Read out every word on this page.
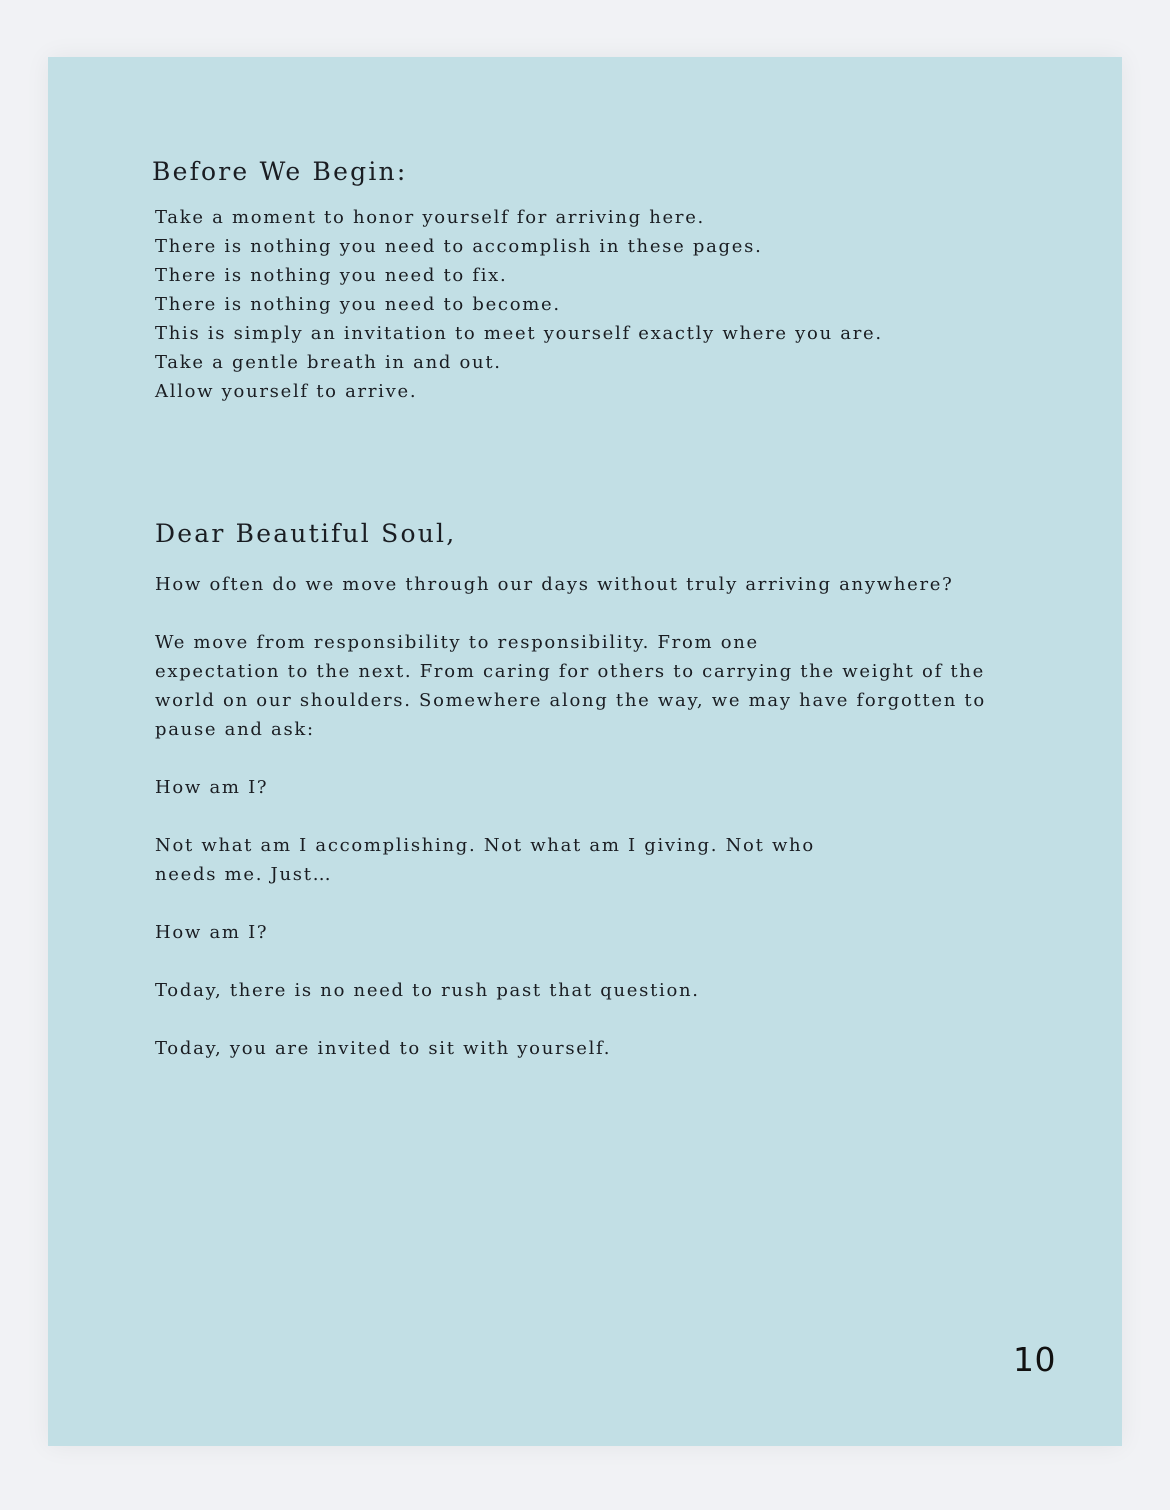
Before We Begin:
Take a moment to honor yourself for arriving here.
There is nothing you need to accomplish in these pages.
There is nothing you need to fix.
There is nothing you need to become.
This is simply an invitation to meet yourself exactly where you are.
Take a gentle breath in and out.
Allow yourself to arrive.
Dear Beautiful Soul,
How often do we move through our days without truly arriving anywhere?
We move from responsibility to responsibility. From one
expectation to the next. From caring for others to carrying the weight of the
world on our shoulders. Somewhere along the way, we may have forgotten to
pause and ask:
How am I?
Not what am I accomplishing. Not what am I giving. Not who
needs me. Just…
How am I?
Today, there is no need to rush past that question.
Today, you are invited to sit with yourself.
10
